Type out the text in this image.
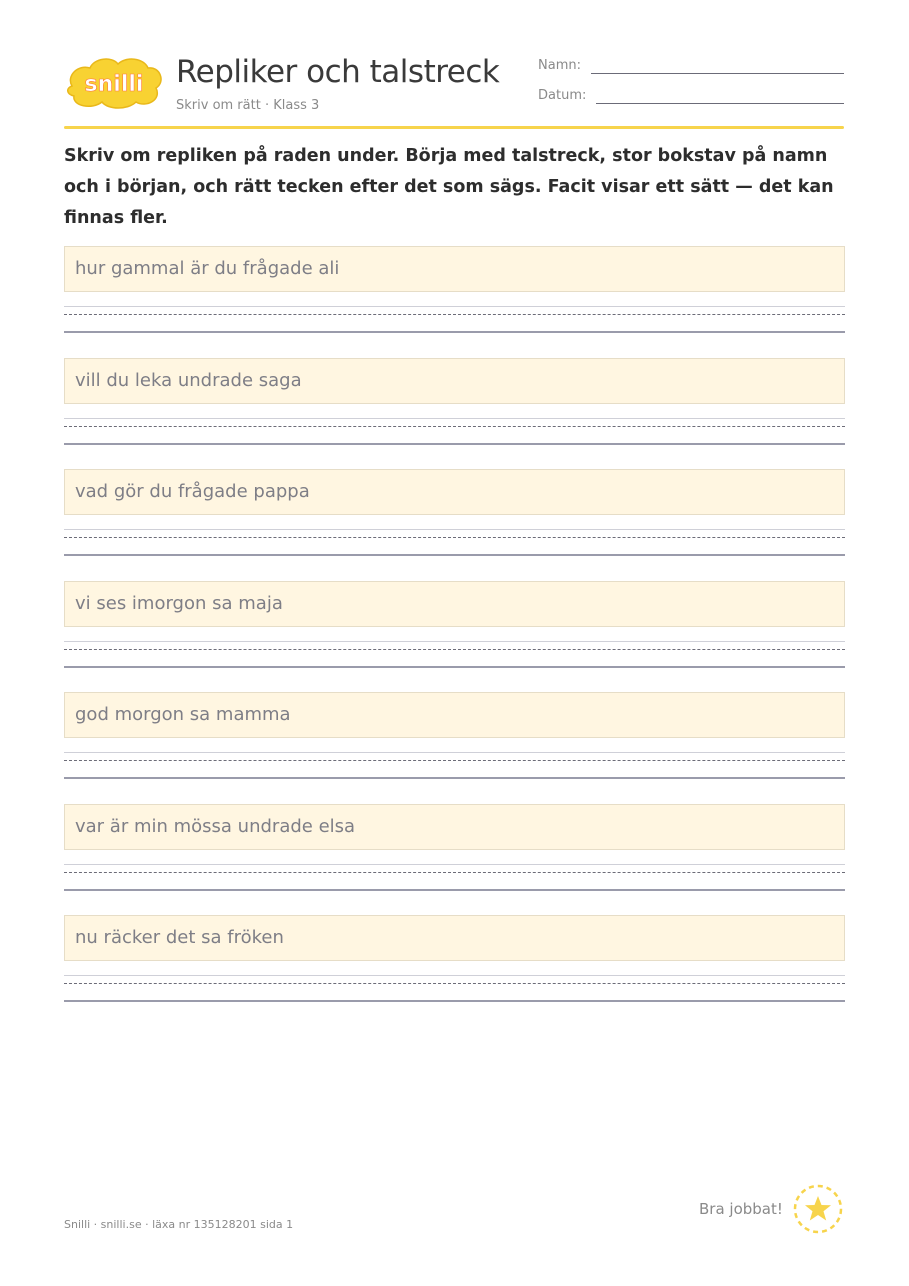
snilli Repliker och talstreck
Skriv om rätt · Klass 3
Namn:
Datum:
Skriv om repliken på raden under. Börja med talstreck, stor bokstav på namn och i början, och rätt tecken efter det som sägs. Facit visar ett sätt — det kan finnas fler.
hur gammal är du frågade ali
vill du leka undrade saga
vad gör du frågade pappa
vi ses imorgon sa maja
god morgon sa mamma
var är min mössa undrade elsa
nu räcker det sa fröken
Snilli · snilli.se · läxa nr 135128201 sida 1
Bra jobbat!
